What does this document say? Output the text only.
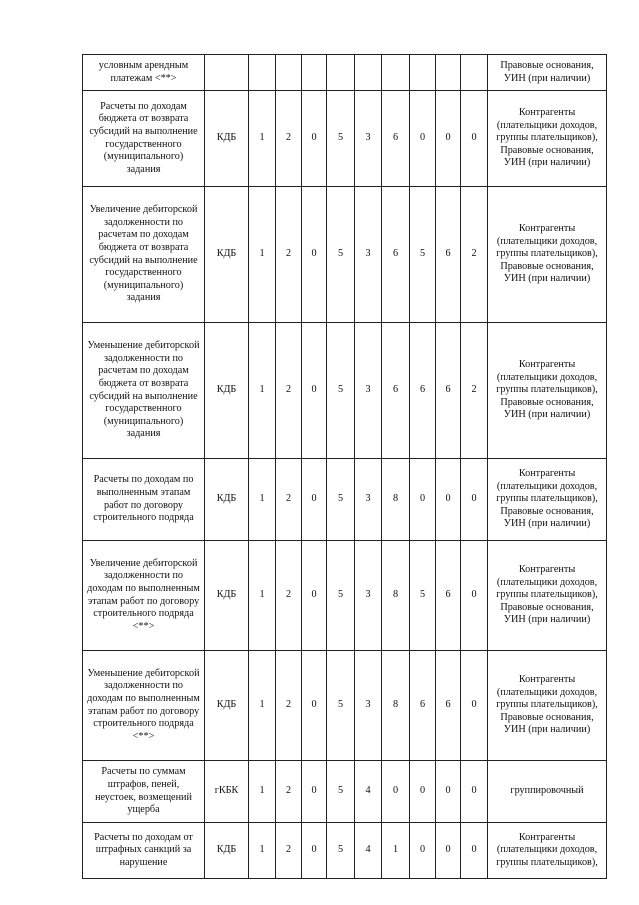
условным арендным платежам <**>											Правовые основания, УИН (при наличии)
Расчеты по доходам бюджета от возврата субсидий на выполнение государственного (муниципального) задания	КДБ	1	2	0	5	3	6	0	0	0	Контрагенты (плательщики доходов, группы плательщиков), Правовые основания, УИН (при наличии)
Увеличение дебиторской задолженности по расчетам по доходам бюджета от возврата субсидий на выполнение государственного (муниципального) задания	КДБ	1	2	0	5	3	6	5	6	2	Контрагенты (плательщики доходов, группы плательщиков), Правовые основания, УИН (при наличии)
Уменьшение дебиторской задолженности по расчетам по доходам бюджета от возврата субсидий на выполнение государственного (муниципального) задания	КДБ	1	2	0	5	3	6	6	6	2	Контрагенты (плательщики доходов, группы плательщиков), Правовые основания, УИН (при наличии)
Расчеты по доходам по выполненным этапам работ по договору строительного подряда	КДБ	1	2	0	5	3	8	0	0	0	Контрагенты (плательщики доходов, группы плательщиков), Правовые основания, УИН (при наличии)
Увеличение дебиторской задолженности по доходам по выполненным этапам работ по договору строительного подряда <**>	КДБ	1	2	0	5	3	8	5	6	0	Контрагенты (плательщики доходов, группы плательщиков), Правовые основания, УИН (при наличии)
Уменьшение дебиторской задолженности по доходам по выполненным этапам работ по договору строительного подряда <**>	КДБ	1	2	0	5	3	8	6	6	0	Контрагенты (плательщики доходов, группы плательщиков), Правовые основания, УИН (при наличии)
Расчеты по суммам штрафов, пеней, неустоек, возмещений ущерба	гКБК	1	2	0	5	4	0	0	0	0	группировочный
Расчеты по доходам от штрафных санкций за нарушение	КДБ	1	2	0	5	4	1	0	0	0	Контрагенты (плательщики доходов, группы плательщиков),
